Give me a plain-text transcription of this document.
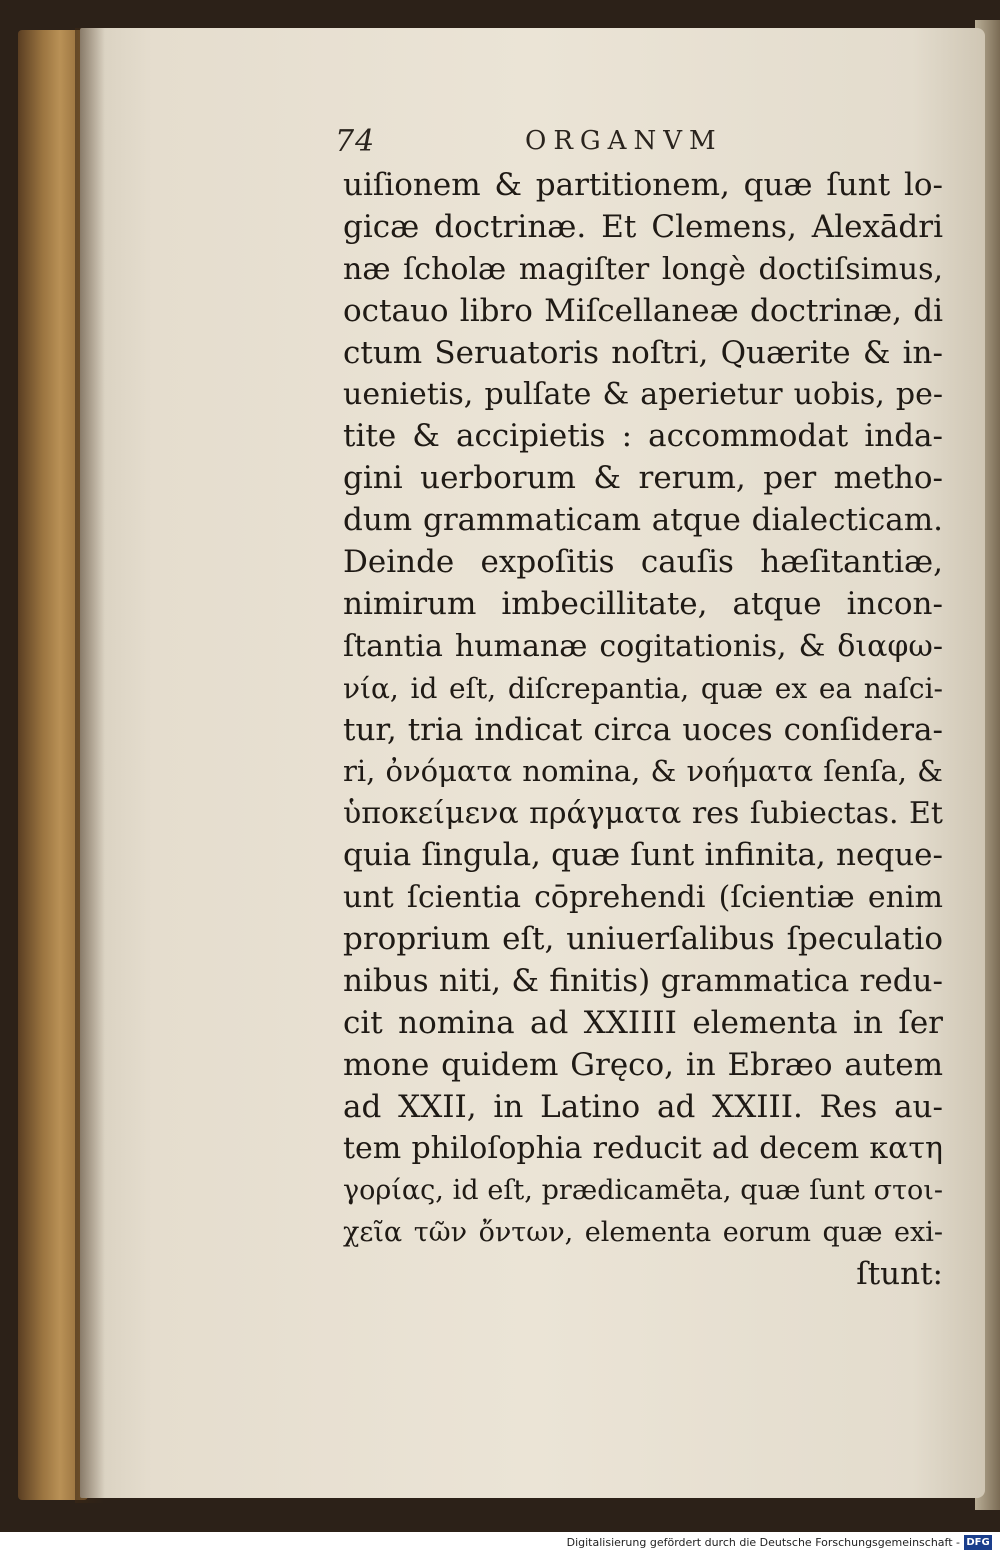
74	ORGANVM
uiſionem & partitionem, quæ ſunt lo-
gicæ doctrinæ. Et Clemens, Alexādri
næ ſcholæ magiſter longè doctiſsimus,
octauo libro Miſcellaneæ doctrinæ, di
ctum Seruatoris noſtri, Quærite & in-
uenietis, pulſate & aperietur uobis, pe-
tite & accipietis : accommodat inda-
gini uerborum & rerum, per metho-
dum grammaticam atque dialecticam.
Deinde expoſitis cauſis hæſitantiæ,
nimirum imbecillitate, atque incon-
ſtantia humanæ cogitationis, & διαφω-
νία, id eſt, diſcrepantia, quæ ex ea naſci-
tur, tria indicat circa uoces conſidera-
ri, ὀνόματα nomina, & νοήματα ſenſa, &
ὑποκείμενα πράγματα res ſubiectas. Et
quia ſingula, quæ ſunt infinita, neque-
unt ſcientia cōprehendi (ſcientiæ enim
proprium eſt, uniuerſalibus ſpeculatio
nibus niti, & finitis) grammatica redu-
cit nomina ad XXIIII elementa in ſer
mone quidem Gręco, in Ebræo autem
ad XXII, in Latino ad XXIII. Res au-
tem philoſophia reducit ad decem κατη
γορίας, id eſt, prædicamēta, quæ ſunt στοι-
χεῖα τῶν ὄντων, elementa eorum quæ exi-
ſtunt:
Digitalisierung gefördert durch die Deutsche Forschungsgemeinschaft - DFG
